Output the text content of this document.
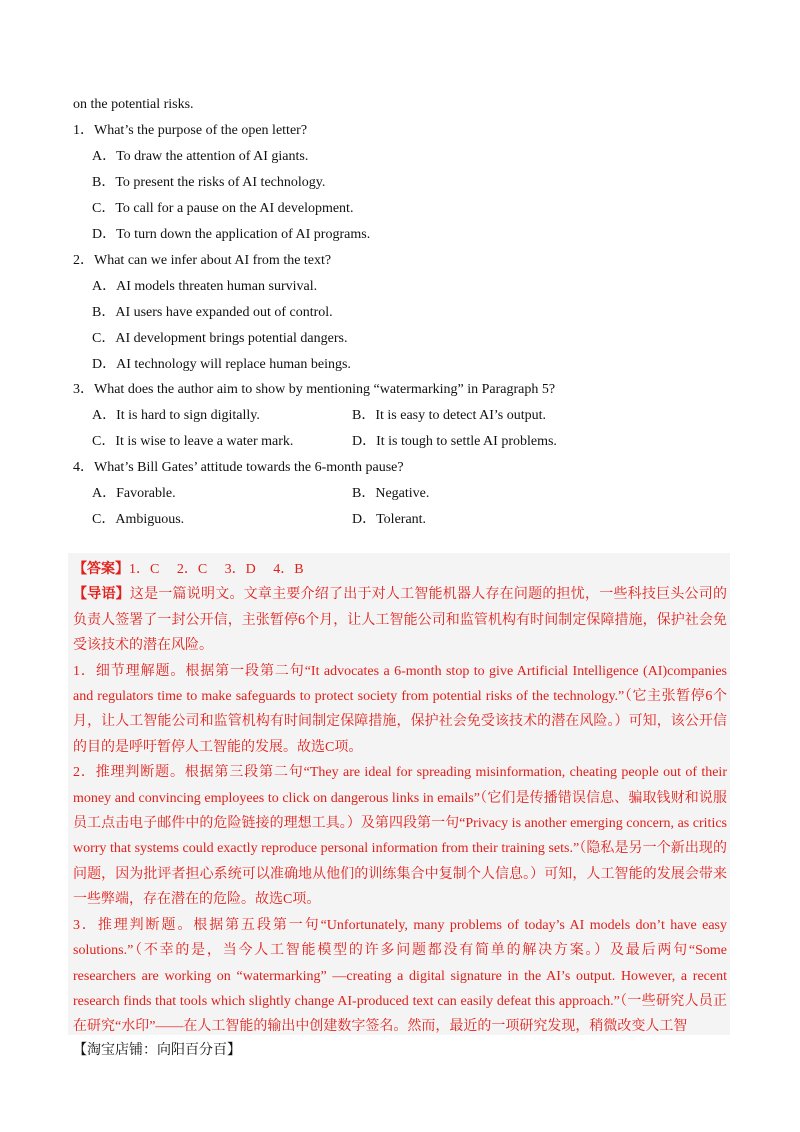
on the potential risks.
1．What’s the purpose of the open letter?
A．To draw the attention of AI giants.
B．To present the risks of AI technology.
C．To call for a pause on the AI development.
D．To turn down the application of AI programs.
2．What can we infer about AI from the text?
A．AI models threaten human survival.
B．AI users have expanded out of control.
C．AI development brings potential dangers.
D．AI technology will replace human beings.
3．What does the author aim to show by mentioning “watermarking” in Paragraph 5?
A．It is hard to sign digitally.	B．It is easy to detect AI’s output.
C．It is wise to leave a water mark.	D．It is tough to settle AI problems.
4．What’s Bill Gates’ attitude towards the 6-month pause?
A．Favorable.	B．Negative.
C．Ambiguous.	D．Tolerant.
【答案】1．C     2．C     3．D     4．B
【导语】这是一篇说明文。文章主要介绍了出于对人工智能机器人存在问题的担忧，一些科技巨头公司的负责人签署了一封公开信，主张暂停6个月，让人工智能公司和监管机构有时间制定保障措施，保护社会免受该技术的潜在风险。
1．细节理解题。根据第一段第二句“It advocates a 6-month stop to give Artificial Intelligence (AI)companies and regulators time to make safeguards to protect society from potential risks of the technology.”（它主张暂停6个月，让人工智能公司和监管机构有时间制定保障措施，保护社会免受该技术的潜在风险。）可知，该公开信的目的是呼吁暂停人工智能的发展。故选C项。
2．推理判断题。根据第三段第二句“They are ideal for spreading misinformation, cheating people out of their money and convincing employees to click on dangerous links in emails”（它们是传播错误信息、骗取钱财和说服员工点击电子邮件中的危险链接的理想工具。）及第四段第一句“Privacy is another emerging concern, as critics worry that systems could exactly reproduce personal information from their training sets.”（隐私是另一个新出现的问题，因为批评者担心系统可以准确地从他们的训练集合中复制个人信息。）可知，人工智能的发展会带来一些弊端，存在潜在的危险。故选C项。
3．推理判断题。根据第五段第一句“Unfortunately, many problems of today’s AI models don’t have easy solutions.”（不幸的是，当今人工智能模型的许多问题都没有简单的解决方案。）及最后两句“Some researchers are working on “watermarking” —creating a digital signature in the AI’s output. However, a recent research finds that tools which slightly change AI-produced text can easily defeat this approach.”（一些研究人员正在研究“水印”——在人工智能的输出中创建数字签名。然而，最近的一项研究发现，稍微改变人工智
【淘宝店铺：向阳百分百】
